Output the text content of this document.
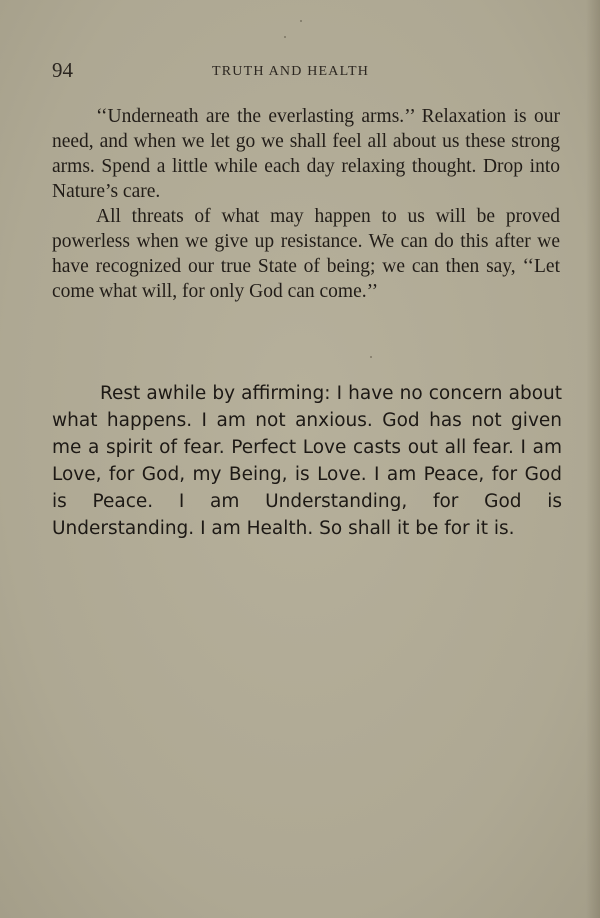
94	TRUTH AND HEALTH

‘‘Underneath are the everlasting arms.’’ Relaxation is our need, and when we let go we shall feel all about us these strong arms. Spend a little while each day relaxing thought. Drop into Nature’s care.

All threats of what may happen to us will be proved powerless when we give up resistance. We can do this after we have recognized our true State of being; we can then say, ‘‘Let come what will, for only God can come.’’

Rest awhile by affirming: I have no concern about what happens. I am not anxious. God has not given me a spirit of fear. Perfect Love casts out all fear. I am Love, for God, my Being, is Love. I am Peace, for God is Peace. I am Understanding, for God is Understanding. I am Health. So shall it be for it is.
